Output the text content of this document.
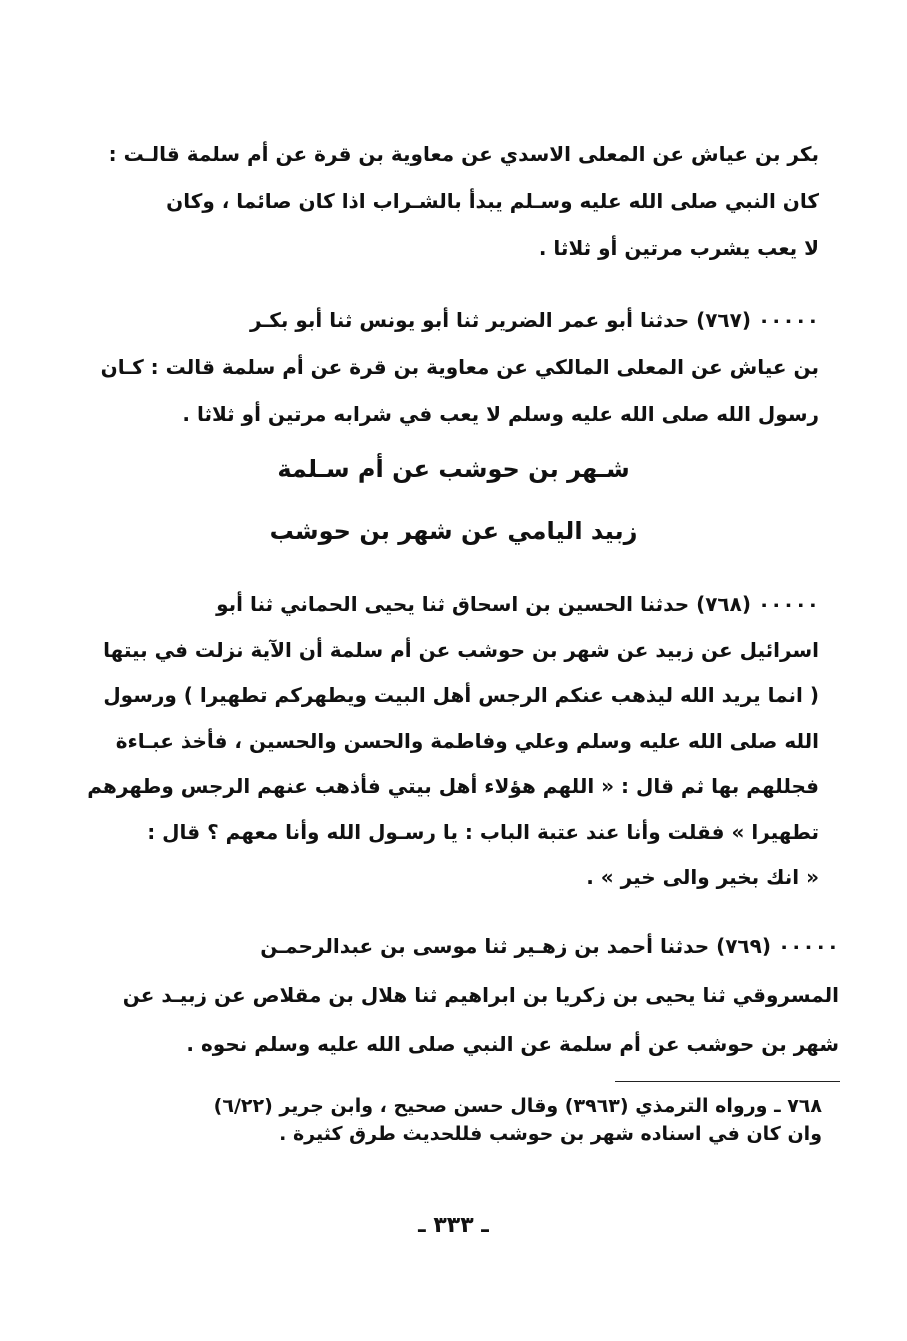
بكر بن عياش عن المعلى الاسدي عن معاوية بن قرة عن أم سلمة قالـت :
كان النبي صلى الله عليه وسـلم يبدأ بالشـراب اذا كان صائما ، وكان
لا يعب يشرب مرتين أو ثلاثا .
٠٠٠٠٠ (٧٦٧) حدثنا أبو عمر الضرير ثنا أبو يونس ثنا أبو بكـر
بن عياش عن المعلى المالكي عن معاوية بن قرة عن أم سلمة قالت : كـان
رسول الله صلى الله عليه وسلم لا يعب في شرابه مرتين أو ثلاثا .
شـهر بن حوشب عن أم سـلمة
زبيد اليامي عن شهر بن حوشب
٠٠٠٠٠ (٧٦٨) حدثنا الحسين بن اسحاق ثنا يحيى الحماني ثنا أبو
اسرائيل عن زبيد عن شهر بن حوشب عن أم سلمة أن الآية نزلت في بيتها
( انما يريد الله ليذهب عنكم الرجس أهل البيت ويطهركم تطهيرا ) ورسول
الله صلى الله عليه وسلم وعلي وفاطمة والحسن والحسين ، فأخذ عبـاءة
فجللهم بها ثم قال : « اللهم هؤلاء أهل بيتي فأذهب عنهم الرجس وطهرهم
تطهيرا » فقلت وأنا عند عتبة الباب : يا رسـول الله وأنا معهم ؟ قال :
« انك بخير والى خير » .
٠٠٠٠٠ (٧٦٩) حدثنا أحمد بن زهـير ثنا موسى بن عبدالرحمـن
المسروقي ثنا يحيى بن زكريا بن ابراهيم ثنا هلال بن مقلاص عن زبيـد عن
شهر بن حوشب عن أم سلمة عن النبي صلى الله عليه وسلم نحوه .
٧٦٨ ـ ورواه الترمذي (٣٩٦٣) وقال حسن صحيح ، وابن جرير (٦/٢٢)
وان كان في اسناده شهر بن حوشب فللحديث طرق كثيرة .
ـ ٣٣٣ ـ
